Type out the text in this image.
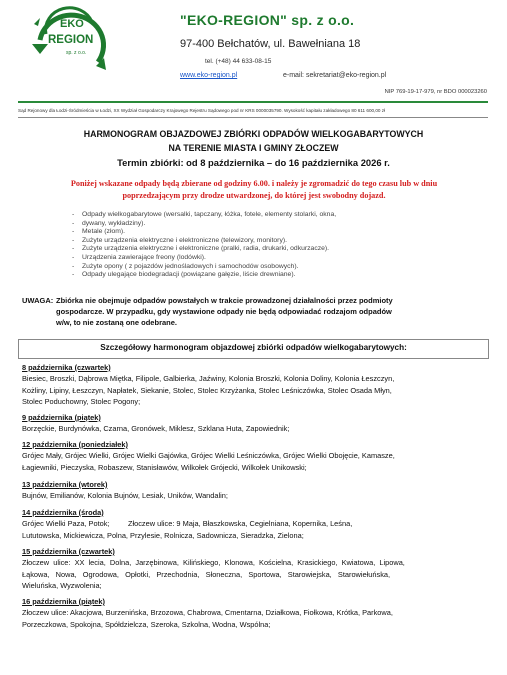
EKO
REGION
sp. z o.o.
"EKO-REGION" sp. z o.o.
97-400 Bełchatów, ul. Bawełniana 18
tel. (+48) 44 633-08-15
www.eko-region.pl	e-mail: sekretariat@eko-region.pl
NIP 769-19-17-979, nr BDO 000023260
Sąd Rejonowy dla Łodzi-Śródmieścia w Łodzi, XX Wydział Gospodarczy Krajowego Rejestru Sądowego pod nr KRS 0000035790. Wysokość kapitału zakładowego 80 611 600,00 zł
HARMONOGRAM OBJAZDOWEJ ZBIÓRKI ODPADÓW WIELKOGABARYTOWYCH
NA TERENIE MIASTA I GMINY ZŁOCZEW
Termin zbiórki: od 8 października – do 16 października 2026 r.
Poniżej wskazane odpady będą zbierane od godziny 6.00. i należy je zgromadzić do tego czasu lub w dniu
poprzedzającym przy drodze utwardzonej, do której jest swobodny dojazd.
- Odpady wielkogabarytowe (wersalki, tapczany, łóżka, fotele, elementy stolarki, okna,
- dywany, wykładziny).
- Metale (złom).
- Zużyte urządzenia elektryczne i elektroniczne (telewizory, monitory).
- Zużyte urządzenia elektryczne i elektroniczne (pralki, radia, drukarki, odkurzacze).
- Urządzenia zawierające freony (lodówki).
- Zużyte opony ( z pojazdów jednośladowych i samochodów osobowych).
- Odpady ulegające biodegradacji (powiązane gałęzie, liście drewniane).
UWAGA: Zbiórka nie obejmuje odpadów powstałych w trakcie prowadzonej działalności przez podmioty
gospodarcze. W przypadku, gdy wystawione odpady nie będą odpowiadać rodzajom odpadów
w/w, to nie zostaną one odebrane.
Szczegółowy harmonogram objazdowej zbiórki odpadów wielkogabarytowych:
8 października (czwartek)
Biesiec, Broszki, Dąbrowa Miętka, Filipole, Galbierka, Jaźwiny, Kolonia Broszki, Kolonia Doliny, Kolonia Łeszczyn,
Kożliny, Lipiny, Łeszczyn, Napłatek, Siekanie, Stolec, Stolec Krzyżanka, Stolec Leśniczówka, Stolec Osada Młyn,
Stolec Poduchowny, Stolec Pogony;
9 października (piątek)
Borzęckie, Burdynówka, Czarna, Gronówek, Miklesz, Szklana Huta, Zapowiednik;
12 października (poniedziałek)
Grójec Mały, Grójec Wielki, Grójec Wielki Gajówka, Grójec Wielki Leśniczówka, Grójec Wielki Obojęcie, Kamasze,
Łagiewniki, Pieczyska, Robaszew, Stanisławów, Wilkołek Grójecki, Wilkołek Unikowski;
13 października (wtorek)
Bujnów, Emilianów, Kolonia Bujnów, Lesiak, Uników, Wandalin;
14 października (środa)
Grójec Wielki Paza, Potok;         Złoczew ulice: 9 Maja, Błaszkowska, Cegielniana, Kopernika, Leśna,
Lututowska, Mickiewicza, Polna, Przylesie, Rolnicza, Sadownicza, Sieradzka, Zielona;
15 października (czwartek)
Złoczew  ulice:  XX  lecia,  Dolna,  Jarzębinowa,  Kilińskiego,  Klonowa,  Kościelna,  Krasickiego,  Kwiatowa,  Lipowa,
Łąkowa,   Nowa,   Ogrodowa,   Opłotki,   Przechodnia,   Słoneczna,   Sportowa,   Starowiejska,   Starowiełuńska,
Wieluńska, Wyzwolenia;
16 października (piątek)
Złoczew ulice: Akacjowa, Burzenińska, Brzozowa, Chabrowa, Cmentarna, Działkowa, Fiołkowa, Krótka, Parkowa,
Porzeczkowa, Spokojna, Spółdzielcza, Szeroka, Szkolna, Wodna, Wspólna;
